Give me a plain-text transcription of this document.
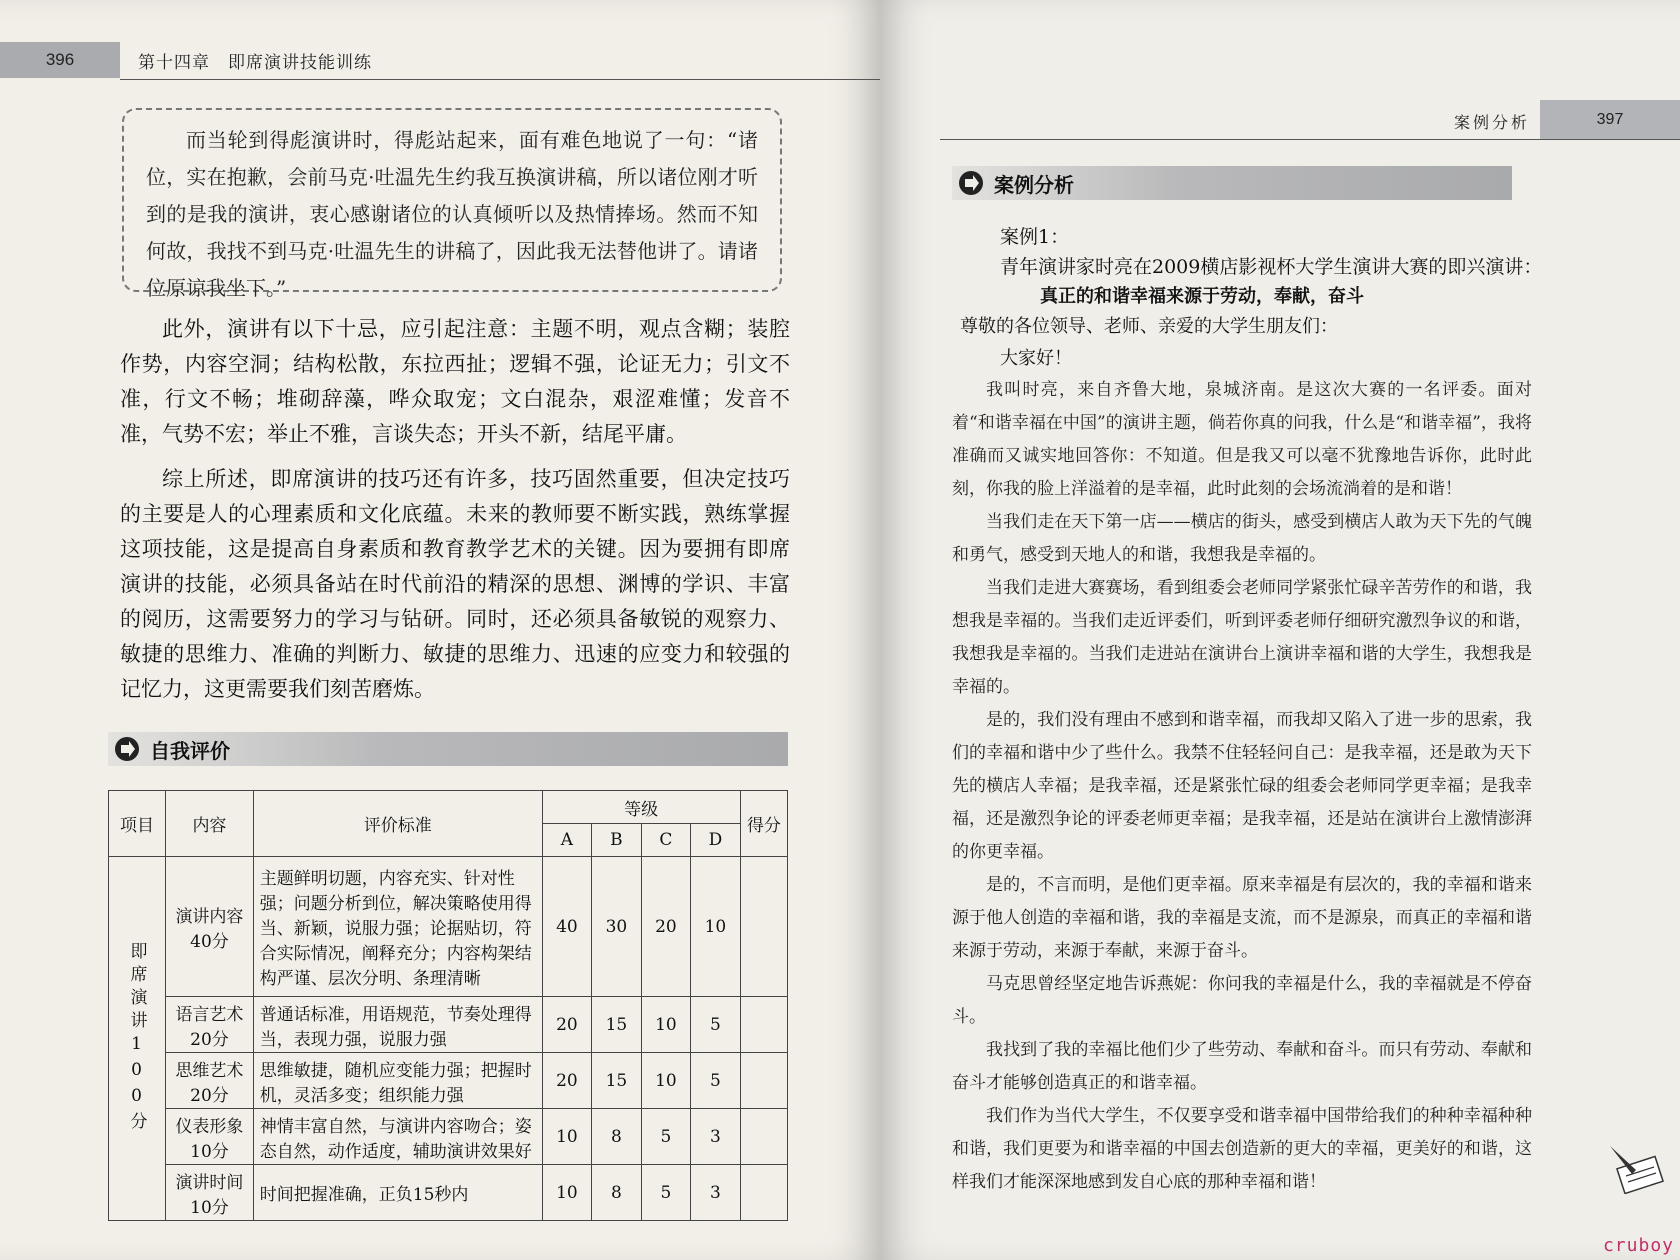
396	第十四章　即席演讲技能训练
而当轮到得彪演讲时，得彪站起来，面有难色地说了一句：“诸位，实在抱歉，会前马克·吐温先生约我互换演讲稿，所以诸位刚才听到的是我的演讲，衷心感谢诸位的认真倾听以及热情捧场。然而不知何故，我找不到马克·吐温先生的讲稿了，因此我无法替他讲了。请诸位原谅我坐下。”
此外，演讲有以下十忌，应引起注意：主题不明，观点含糊；装腔作势，内容空洞；结构松散，东拉西扯；逻辑不强，论证无力；引文不准，行文不畅；堆砌辞藻，哗众取宠；文白混杂，艰涩难懂；发音不准，气势不宏；举止不雅，言谈失态；开头不新，结尾平庸。
综上所述，即席演讲的技巧还有许多，技巧固然重要，但决定技巧的主要是人的心理素质和文化底蕴。未来的教师要不断实践，熟练掌握这项技能，这是提高自身素质和教育教学艺术的关键。因为要拥有即席演讲的技能，必须具备站在时代前沿的精深的思想、渊博的学识、丰富的阅历，这需要努力的学习与钻研。同时，还必须具备敏锐的观察力、敏捷的思维力、准确的判断力、敏捷的思维力、迅速的应变力和较强的记忆力，这更需要我们刻苦磨炼。
自我评价
项目	内容	评价标准	等级				得分
			A	B	C	D	
即席演讲100分	演讲内容40分	主题鲜明切题，内容充实、针对性强；问题分析到位，解决策略使用得当、新颖，说服力强；论据贴切，符合实际情况，阐释充分；内容构架结构严谨、层次分明、条理清晰	40	30	20	10	
	语言艺术20分	普通话标准，用语规范，节奏处理得当，表现力强，说服力强	20	15	10	5	
	思维艺术20分	思维敏捷，随机应变能力强；把握时机，灵活多变；组织能力强	20	15	10	5	
	仪表形象10分	神情丰富自然，与演讲内容吻合；姿态自然，动作适度，辅助演讲效果好	10	8	5	3	
	演讲时间10分	时间把握准确，正负15秒内	10	8	5	3	
案例分析	397
案例分析
案例1：
青年演讲家时亮在2009横店影视杯大学生演讲大赛的即兴演讲：
真正的和谐幸福来源于劳动，奉献，奋斗
尊敬的各位领导、老师、亲爱的大学生朋友们：
大家好！

我叫时亮，来自齐鲁大地，泉城济南。是这次大赛的一名评委。面对着“和谐幸福在中国”的演讲主题，倘若你真的问我，什么是“和谐幸福”，我将准确而又诚实地回答你：不知道。但是我又可以毫不犹豫地告诉你，此时此刻，你我的脸上洋溢着的是幸福，此时此刻的会场流淌着的是和谐！

当我们走在天下第一店——横店的街头，感受到横店人敢为天下先的气魄和勇气，感受到天地人的和谐，我想我是幸福的。

当我们走进大赛赛场，看到组委会老师同学紧张忙碌辛苦劳作的和谐，我想我是幸福的。当我们走近评委们，听到评委老师仔细研究激烈争议的和谐，我想我是幸福的。当我们走进站在演讲台上演讲幸福和谐的大学生，我想我是幸福的。

是的，我们没有理由不感到和谐幸福，而我却又陷入了进一步的思索，我们的幸福和谐中少了些什么。我禁不住轻轻问自己：是我幸福，还是敢为天下先的横店人幸福；是我幸福，还是紧张忙碌的组委会老师同学更幸福；是我幸福，还是激烈争论的评委老师更幸福；是我幸福，还是站在演讲台上激情澎湃的你更幸福。

是的，不言而明，是他们更幸福。原来幸福是有层次的，我的幸福和谐来源于他人创造的幸福和谐，我的幸福是支流，而不是源泉，而真正的幸福和谐来源于劳动，来源于奉献，来源于奋斗。

马克思曾经坚定地告诉燕妮：你问我的幸福是什么，我的幸福就是不停奋斗。

我找到了我的幸福比他们少了些劳动、奉献和奋斗。而只有劳动、奉献和奋斗才能够创造真正的和谐幸福。

我们作为当代大学生，不仅要享受和谐幸福中国带给我们的种种幸福种种和谐，我们更要为和谐幸福的中国去创造新的更大的幸福，更美好的和谐，这样我们才能深深地感到发自心底的那种幸福和谐！

cruboy
